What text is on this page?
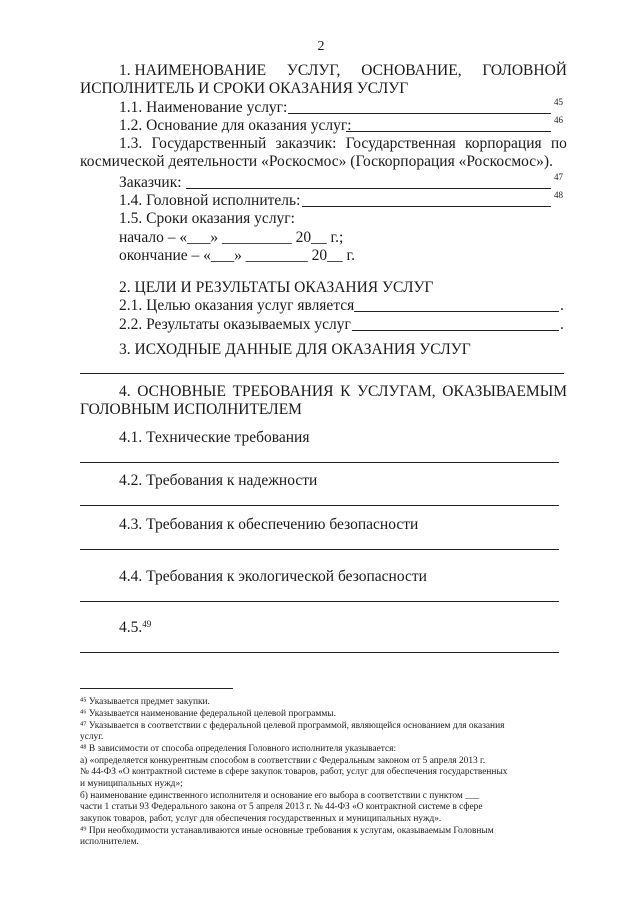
2
1. НАИМЕНОВАНИЕ УСЛУГ, ОСНОВАНИЕ, ГОЛОВНОЙ
ИСПОЛНИТЕЛЬ И СРОКИ ОКАЗАНИЯ УСЛУГ
1.1. Наименование услуг:	45
1.2. Основание для оказания услуг:	46
1.3. Государственный заказчик: Государственная корпорация по
космической деятельности «Роскосмос» (Госкорпорация «Роскосмос»).
Заказчик:	47
1.4. Головной исполнитель:	48
1.5. Сроки оказания услуг:
начало – «___» _________ 20__ г.;
окончание – «___» ________ 20__ г.
2. ЦЕЛИ И РЕЗУЛЬТАТЫ ОКАЗАНИЯ УСЛУГ
2.1. Целью оказания услуг является	.
2.2. Результаты оказываемых услуг	.
3. ИСХОДНЫЕ ДАННЫЕ ДЛЯ ОКАЗАНИЯ УСЛУГ
4. ОСНОВНЫЕ ТРЕБОВАНИЯ К УСЛУГАМ, ОКАЗЫВАЕМЫМ
ГОЛОВНЫМ ИСПОЛНИТЕЛЕМ
4.1. Технические требования
4.2. Требования к надежности
4.3. Требования к обеспечению безопасности
4.4. Требования к экологической безопасности
4.5.49
⁴⁵ Указывается предмет закупки.
⁴⁶ Указывается наименование федеральной целевой программы.
⁴⁷ Указывается в соответствии с федеральной целевой программой, являющейся основанием для оказания
услуг.
⁴⁸ В зависимости от способа определения Головного исполнителя указывается:
а) «определяется конкурентным способом в соответствии с Федеральным законом от 5 апреля 2013 г.
№ 44-ФЗ «О контрактной системе в сфере закупок товаров, работ, услуг для обеспечения государственных
и муниципальных нужд»;
б) наименование единственного исполнителя и основание его выбора в соответствии с пунктом ___
части 1 статьи 93 Федерального закона от 5 апреля 2013 г. № 44-ФЗ «О контрактной системе в сфере
закупок товаров, работ, услуг для обеспечения государственных и муниципальных нужд».
⁴⁹ При необходимости устанавливаются иные основные требования к услугам, оказываемым Головным
исполнителем.
